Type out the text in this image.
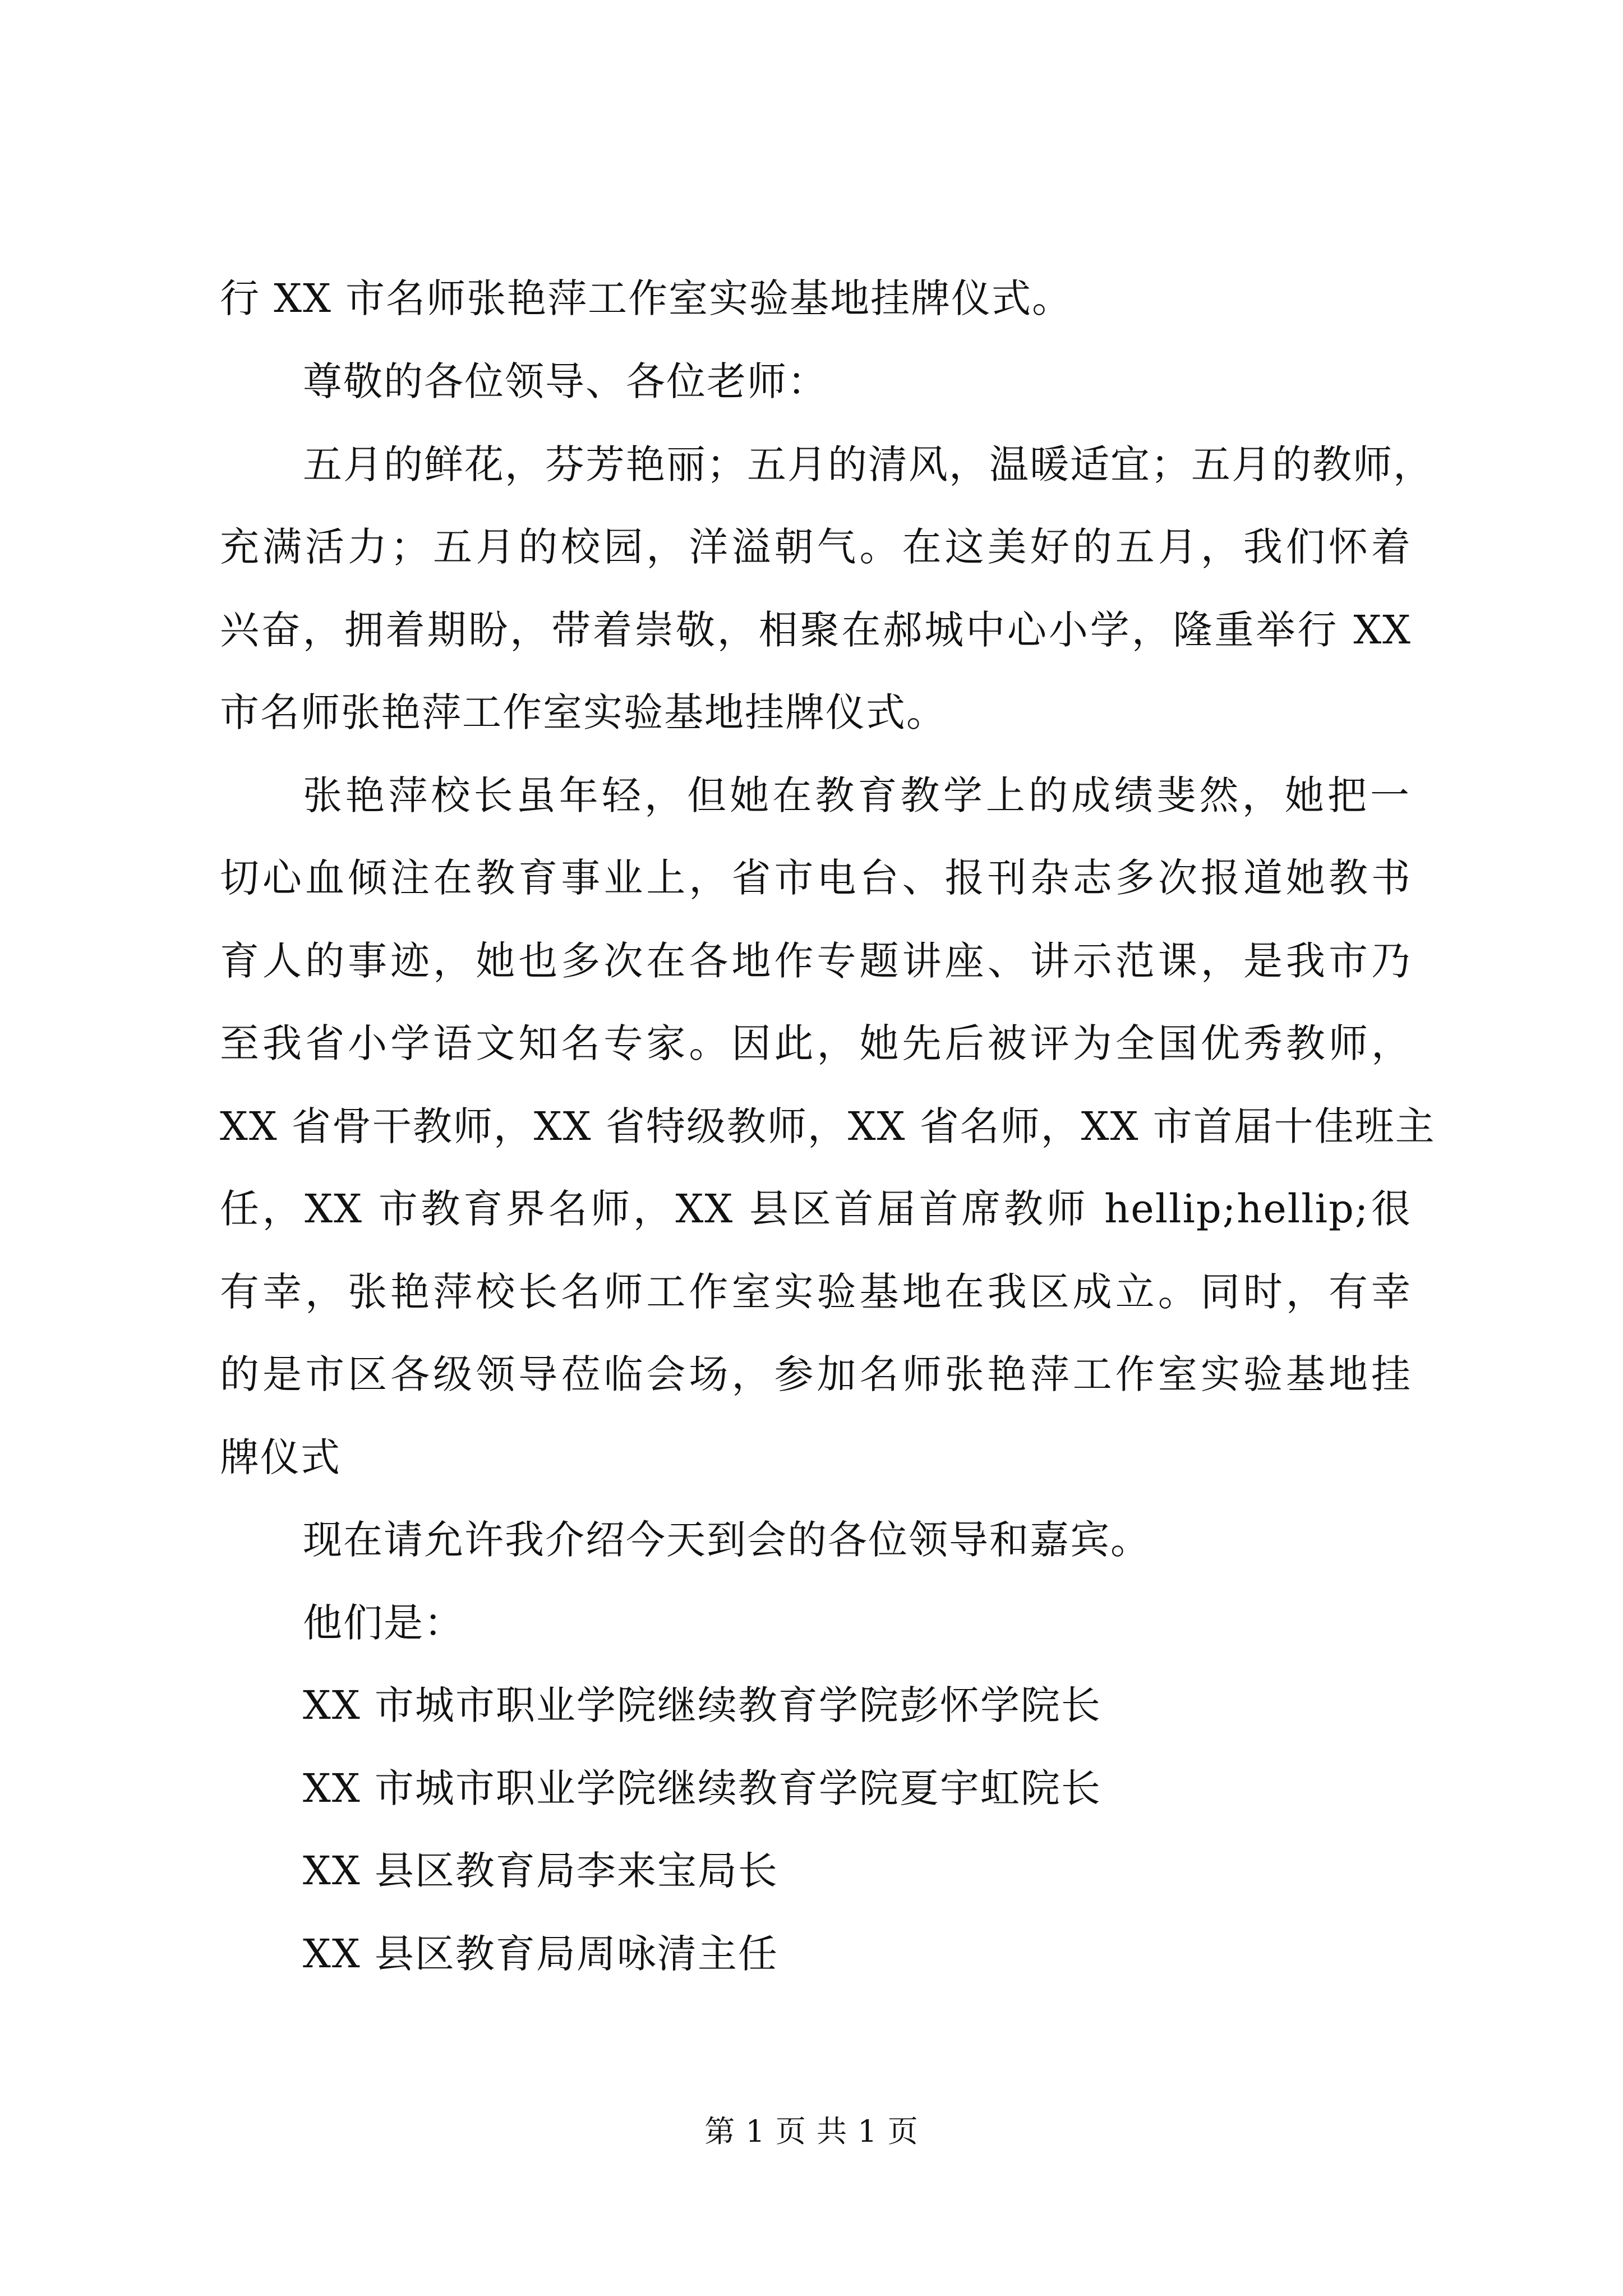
行 XX 市名师张艳萍工作室实验基地挂牌仪式。
尊敬的各位领导、各位老师：
五月的鲜花，芬芳艳丽；五月的清风，温暖适宜；五月的教师，
充满活力；五月的校园，洋溢朝气。在这美好的五月，我们怀着
兴奋，拥着期盼，带着崇敬，相聚在郝城中心小学，隆重举行 XX
市名师张艳萍工作室实验基地挂牌仪式。
张艳萍校长虽年轻，但她在教育教学上的成绩斐然，她把一
切心血倾注在教育事业上，省市电台、报刊杂志多次报道她教书
育人的事迹，她也多次在各地作专题讲座、讲示范课，是我市乃
至我省小学语文知名专家。因此，她先后被评为全国优秀教师，
XX 省骨干教师，XX 省特级教师，XX 省名师，XX 市首届十佳班主
任，XX 市教育界名师，XX 县区首届首席教师 hellip;hellip;很
有幸，张艳萍校长名师工作室实验基地在我区成立。同时，有幸
的是市区各级领导莅临会场，参加名师张艳萍工作室实验基地挂
牌仪式
现在请允许我介绍今天到会的各位领导和嘉宾。
他们是：
XX 市城市职业学院继续教育学院彭怀学院长
XX 市城市职业学院继续教育学院夏宇虹院长
XX 县区教育局李来宝局长
XX 县区教育局周咏清主任
第 1 页 共 1 页
